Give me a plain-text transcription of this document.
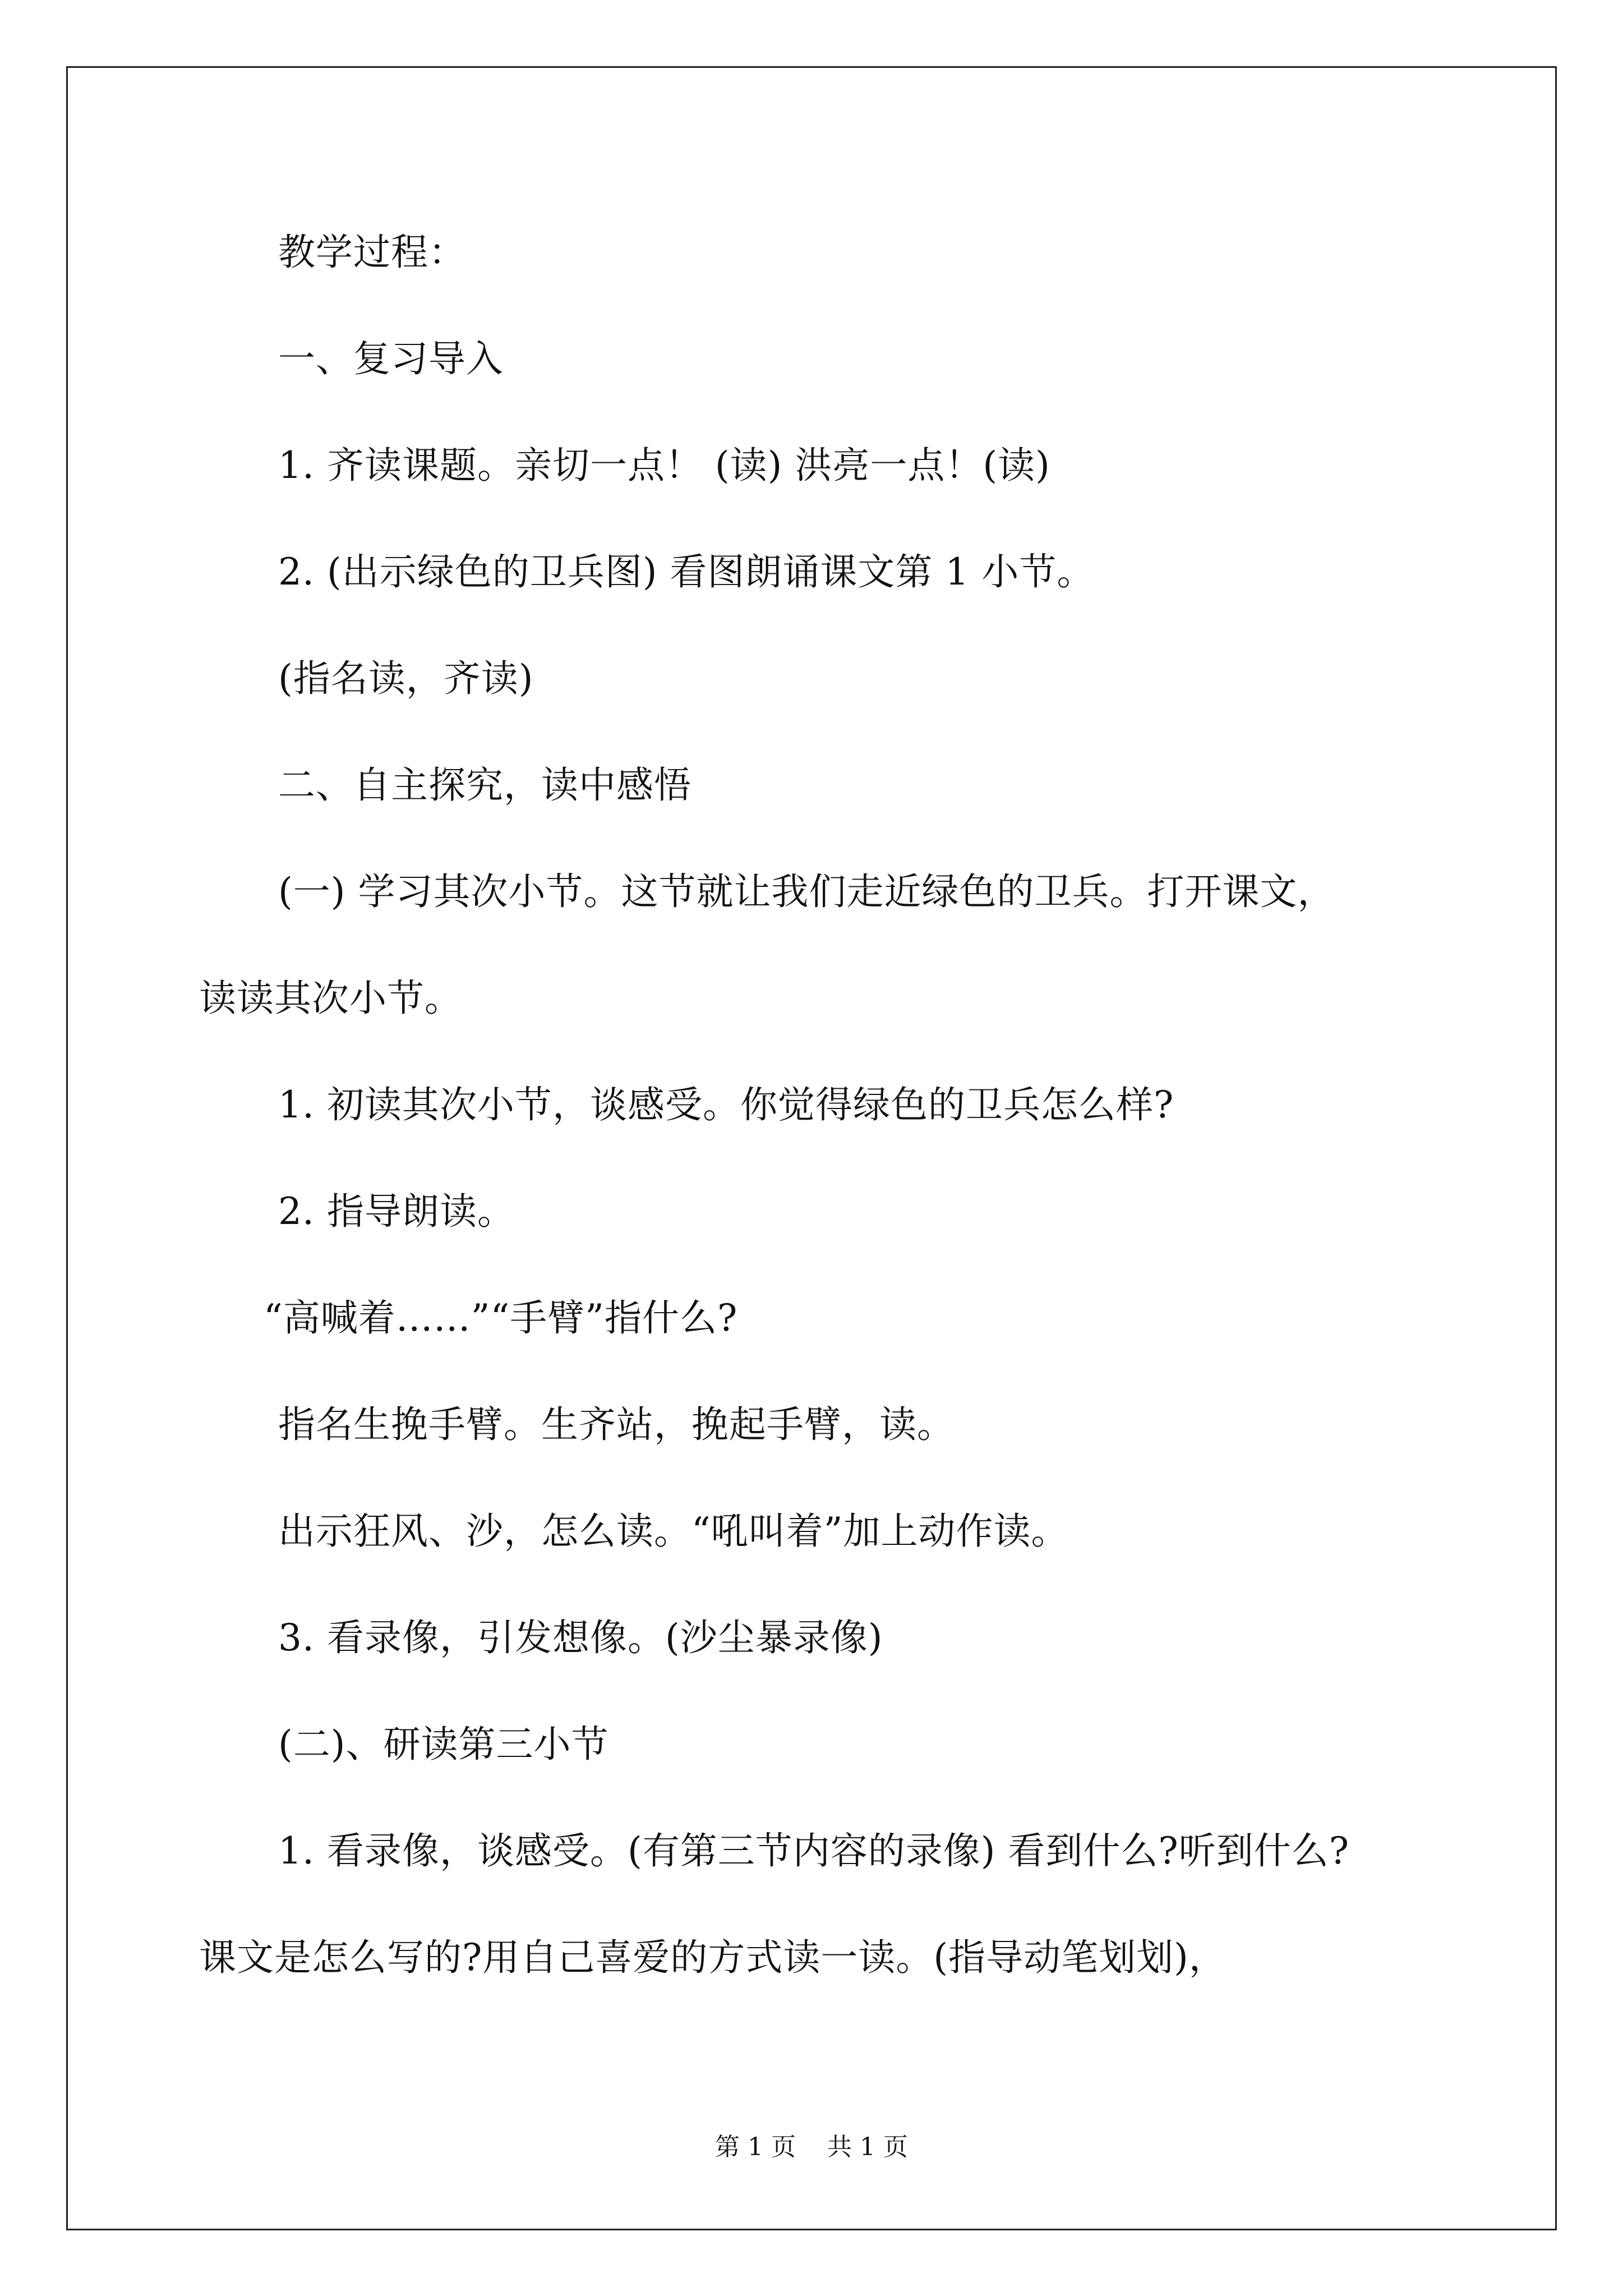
教学过程：
一、复习导入
1. 齐读课题。亲切一点！ (读) 洪亮一点！(读)
2. (出示绿色的卫兵图) 看图朗诵课文第 1 小节。
(指名读，齐读)
二、自主探究，读中感悟
(一) 学习其次小节。这节就让我们走近绿色的卫兵。打开课文，
读读其次小节。
1. 初读其次小节，谈感受。你觉得绿色的卫兵怎么样?
2. 指导朗读。
“高喊着……”“手臂”指什么?
指名生挽手臂。生齐站，挽起手臂，读。
出示狂风、沙，怎么读。“吼叫着”加上动作读。
3. 看录像，引发想像。(沙尘暴录像)
(二)、研读第三小节
1. 看录像，谈感受。(有第三节内容的录像) 看到什么?听到什么?
课文是怎么写的?用自己喜爱的方式读一读。(指导动笔划划)，
第 1 页    共 1 页
